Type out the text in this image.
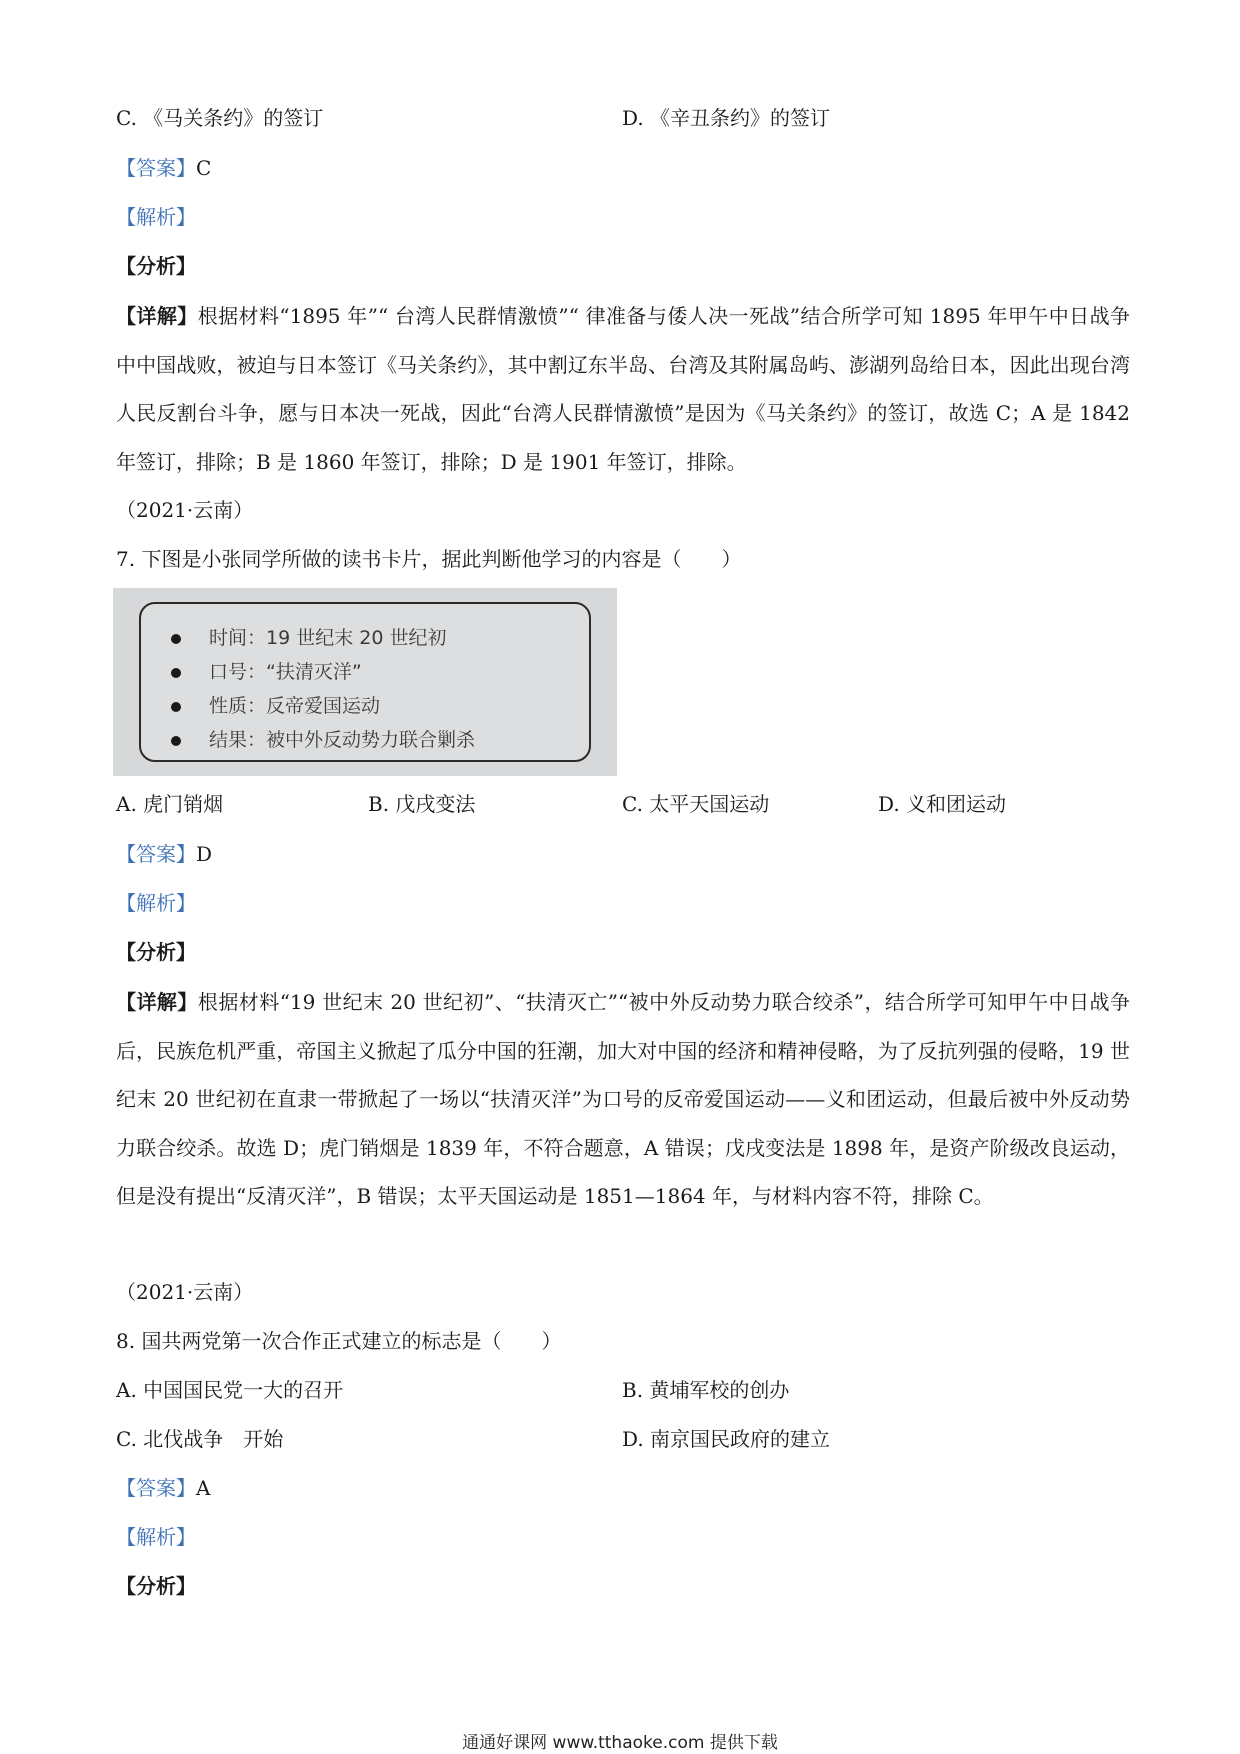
C. 《马关条约》的签订	D. 《辛丑条约》的签订
【答案】C
【解析】
【分析】
【详解】根据材料“1895 年”“ 台湾人民群情激愤”“ 律准备与倭人决一死战”结合所学可知 1895 年甲午中日战争中中国战败，被迫与日本签订《马关条约》，其中割辽东半岛、台湾及其附属岛屿、澎湖列岛给日本，因此出现台湾人民反割台斗争，愿与日本决一死战，因此“台湾人民群情激愤”是因为《马关条约》的签订，故选 C；A 是 1842 年签订，排除；B 是 1860 年签订，排除；D 是 1901 年签订，排除。
（2021·云南）
7. 下图是小张同学所做的读书卡片，据此判断他学习的内容是（　　）
时间：19 世纪末 20 世纪初
口号：“扶清灭洋”
性质：反帝爱国运动
结果：被中外反动势力联合剿杀
A. 虎门销烟	B. 戊戌变法	C. 太平天国运动	D. 义和团运动
【答案】D
【解析】
【分析】
【详解】根据材料“19 世纪末 20 世纪初”、“扶清灭亡”“被中外反动势力联合绞杀”，结合所学可知甲午中日战争后，民族危机严重，帝国主义掀起了瓜分中国的狂潮，加大对中国的经济和精神侵略，为了反抗列强的侵略，19 世纪末 20 世纪初在直隶一带掀起了一场以“扶清灭洋”为口号的反帝爱国运动——义和团运动，但最后被中外反动势力联合绞杀。故选 D；虎门销烟是 1839 年，不符合题意，A 错误；戊戌变法是 1898 年，是资产阶级改良运动，但是没有提出“反清灭洋”，B 错误；太平天国运动是 1851—1864 年，与材料内容不符，排除 C。
（2021·云南）
8. 国共两党第一次合作正式建立的标志是（　　）
A. 中国国民党一大的召开	B. 黄埔军校的创办
C. 北伐战争　开始	D. 南京国民政府的建立
【答案】A
【解析】
【分析】
通通好课网 www.tthaoke.com 提供下载
